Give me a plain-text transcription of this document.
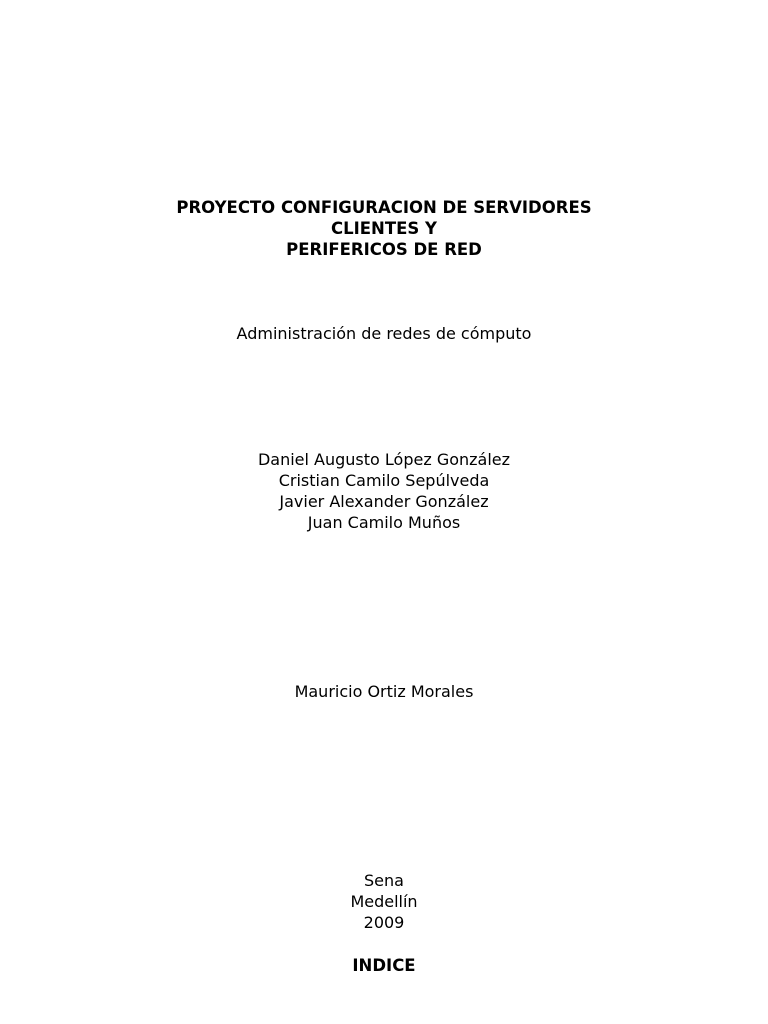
PROYECTO CONFIGURACION DE SERVIDORES
CLIENTES Y
PERIFERICOS DE RED
Administración de redes de cómputo
Daniel Augusto López González
Cristian Camilo Sepúlveda
Javier Alexander González
Juan Camilo Muños
Mauricio Ortiz Morales
Sena
Medellín
2009
INDICE
